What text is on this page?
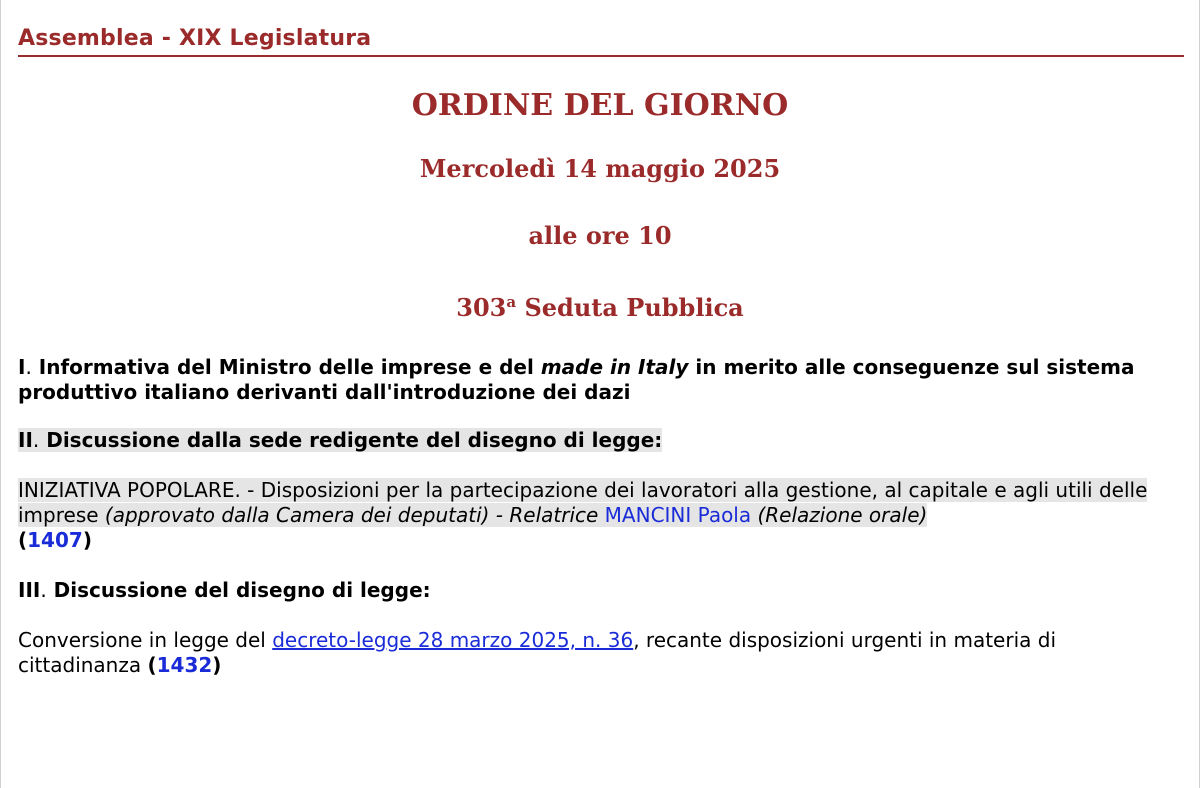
Assemblea - XIX Legislatura
ORDINE DEL GIORNO
Mercoledì 14 maggio 2025
alle ore 10
303$^a$ Seduta Pubblica
I. Informativa del Ministro delle imprese e del made in Italy in merito alle conseguenze sul sistema produttivo italiano derivanti dall'introduzione dei dazi
II. Discussione dalla sede redigente del disegno di legge:
INIZIATIVA POPOLARE. - Disposizioni per la partecipazione dei lavoratori alla gestione, al capitale e agli utili delle imprese (approvato dalla Camera dei deputati) - Relatrice MANCINI Paola (Relazione orale)
(1407)
III. Discussione del disegno di legge:
Conversione in legge del decreto-legge 28 marzo 2025, n. 36, recante disposizioni urgenti in materia di cittadinanza (1432)
